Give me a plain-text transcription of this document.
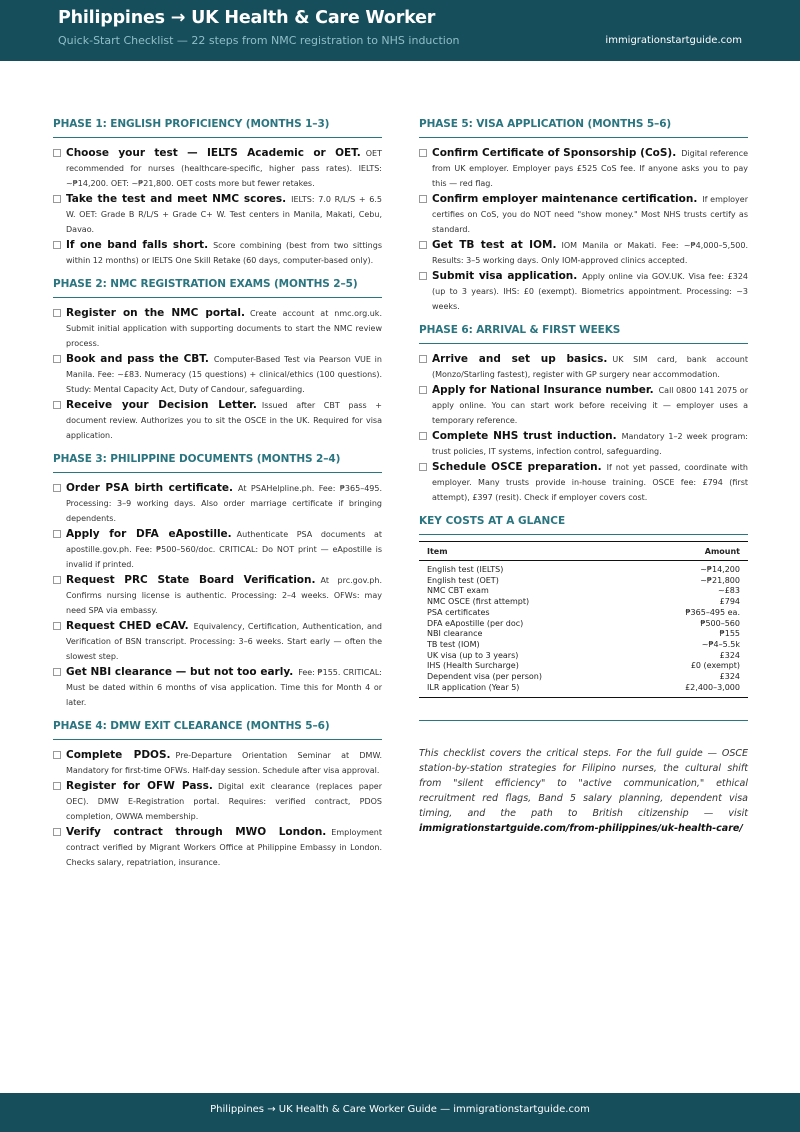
Philippines → UK Health & Care Worker
Quick-Start Checklist — 22 steps from NMC registration to NHS induction	immigrationstartguide.com
PHASE 1: ENGLISH PROFICIENCY (MONTHS 1–3)
Choose your test — IELTS Academic or OET. OET recommended for nurses (healthcare-specific, higher pass rates). IELTS: ~₱14,200. OET: ~₱21,800. OET costs more but fewer retakes.
Take the test and meet NMC scores. IELTS: 7.0 R/L/S + 6.5 W. OET: Grade B R/L/S + Grade C+ W. Test centers in Manila, Makati, Cebu, Davao.
If one band falls short. Score combining (best from two sittings within 12 months) or IELTS One Skill Retake (60 days, computer-based only).
PHASE 2: NMC REGISTRATION EXAMS (MONTHS 2–5)
Register on the NMC portal. Create account at nmc.org.uk. Submit initial application with supporting documents to start the NMC review process.
Book and pass the CBT. Computer-Based Test via Pearson VUE in Manila. Fee: ~£83. Numeracy (15 questions) + clinical/ethics (100 questions). Study: Mental Capacity Act, Duty of Candour, safeguarding.
Receive your Decision Letter. Issued after CBT pass + document review. Authorizes you to sit the OSCE in the UK. Required for visa application.
PHASE 3: PHILIPPINE DOCUMENTS (MONTHS 2–4)
Order PSA birth certificate. At PSAHelpline.ph. Fee: ₱365–495. Processing: 3–9 working days. Also order marriage certificate if bringing dependents.
Apply for DFA eApostille. Authenticate PSA documents at apostille.gov.ph. Fee: ₱500–560/doc. CRITICAL: Do NOT print — eApostille is invalid if printed.
Request PRC State Board Verification. At prc.gov.ph. Confirms nursing license is authentic. Processing: 2–4 weeks. OFWs: may need SPA via embassy.
Request CHED eCAV. Equivalency, Certification, Authentication, and Verification of BSN transcript. Processing: 3–6 weeks. Start early — often the slowest step.
Get NBI clearance — but not too early. Fee: ₱155. CRITICAL: Must be dated within 6 months of visa application. Time this for Month 4 or later.
PHASE 4: DMW EXIT CLEARANCE (MONTHS 5–6)
Complete PDOS. Pre-Departure Orientation Seminar at DMW. Mandatory for first-time OFWs. Half-day session. Schedule after visa approval.
Register for OFW Pass. Digital exit clearance (replaces paper OEC). DMW E-Registration portal. Requires: verified contract, PDOS completion, OWWA membership.
Verify contract through MWO London. Employment contract verified by Migrant Workers Office at Philippine Embassy in London. Checks salary, repatriation, insurance.
PHASE 5: VISA APPLICATION (MONTHS 5–6)
Confirm Certificate of Sponsorship (CoS). Digital reference from UK employer. Employer pays £525 CoS fee. If anyone asks you to pay this — red flag.
Confirm employer maintenance certification. If employer certifies on CoS, you do NOT need "show money." Most NHS trusts certify as standard.
Get TB test at IOM. IOM Manila or Makati. Fee: ~₱4,000–5,500. Results: 3–5 working days. Only IOM-approved clinics accepted.
Submit visa application. Apply online via GOV.UK. Visa fee: £324 (up to 3 years). IHS: £0 (exempt). Biometrics appointment. Processing: ~3 weeks.
PHASE 6: ARRIVAL & FIRST WEEKS
Arrive and set up basics. UK SIM card, bank account (Monzo/Starling fastest), register with GP surgery near accommodation.
Apply for National Insurance number. Call 0800 141 2075 or apply online. You can start work before receiving it — employer uses a temporary reference.
Complete NHS trust induction. Mandatory 1–2 week program: trust policies, IT systems, infection control, safeguarding.
Schedule OSCE preparation. If not yet passed, coordinate with employer. Many trusts provide in-house training. OSCE fee: £794 (first attempt), £397 (resit). Check if employer covers cost.
KEY COSTS AT A GLANCE
Item	Amount
English test (IELTS)	~₱14,200
English test (OET)	~₱21,800
NMC CBT exam	~£83
NMC OSCE (first attempt)	£794
PSA certificates	₱365–495 ea.
DFA eApostille (per doc)	₱500–560
NBI clearance	₱155
TB test (IOM)	~₱4–5.5k
UK visa (up to 3 years)	£324
IHS (Health Surcharge)	£0 (exempt)
Dependent visa (per person)	£324
ILR application (Year 5)	£2,400–3,000
This checklist covers the critical steps. For the full guide — OSCE station-by-station strategies for Filipino nurses, the cultural shift from "silent efficiency" to "active communication," ethical recruitment red flags, Band 5 salary planning, dependent visa timing, and the path to British citizenship — visit immigrationstartguide.com/from-philippines/uk-health-care/
Philippines → UK Health & Care Worker Guide — immigrationstartguide.com
